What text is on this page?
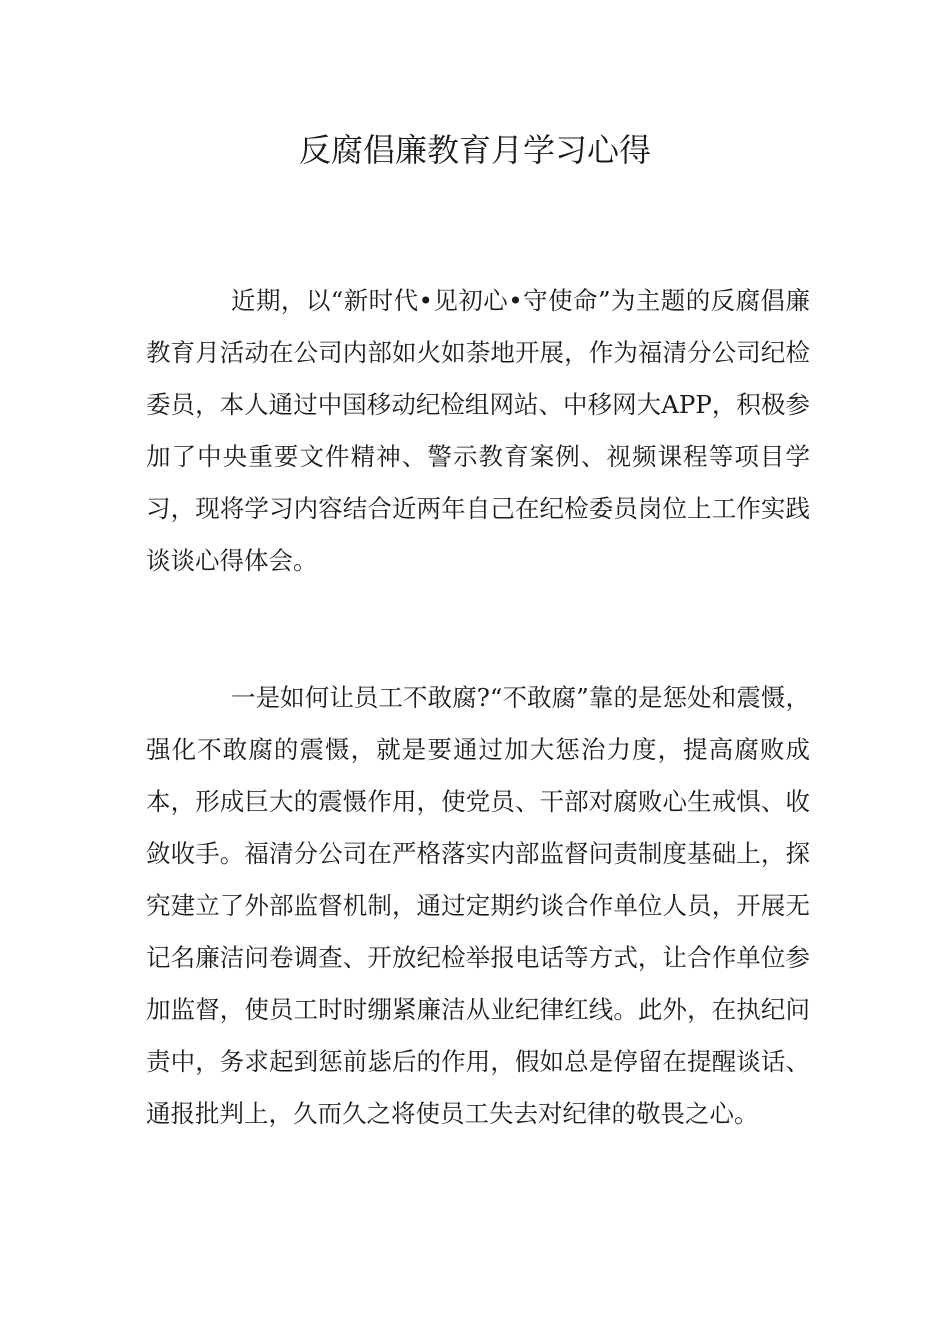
反腐倡廉教育月学习心得

近期，以“新时代•见初心•守使命”为主题的反腐倡廉教育月活动在公司内部如火如荼地开展，作为福清分公司纪检委员，本人通过中国移动纪检组网站、中移网大APP，积极参加了中央重要文件精神、警示教育案例、视频课程等项目学习，现将学习内容结合近两年自己在纪检委员岗位上工作实践谈谈心得体会。

一是如何让员工不敢腐?“不敢腐”靠的是惩处和震慑，强化不敢腐的震慑，就是要通过加大惩治力度，提高腐败成本，形成巨大的震慑作用，使党员、干部对腐败心生戒惧、收敛收手。福清分公司在严格落实内部监督问责制度基础上，探究建立了外部监督机制，通过定期约谈合作单位人员，开展无记名廉洁问卷调查、开放纪检举报电话等方式，让合作单位参加监督，使员工时时绷紧廉洁从业纪律红线。此外，在执纪问责中，务求起到惩前毖后的作用，假如总是停留在提醒谈话、通报批判上，久而久之将使员工失去对纪律的敬畏之心。
